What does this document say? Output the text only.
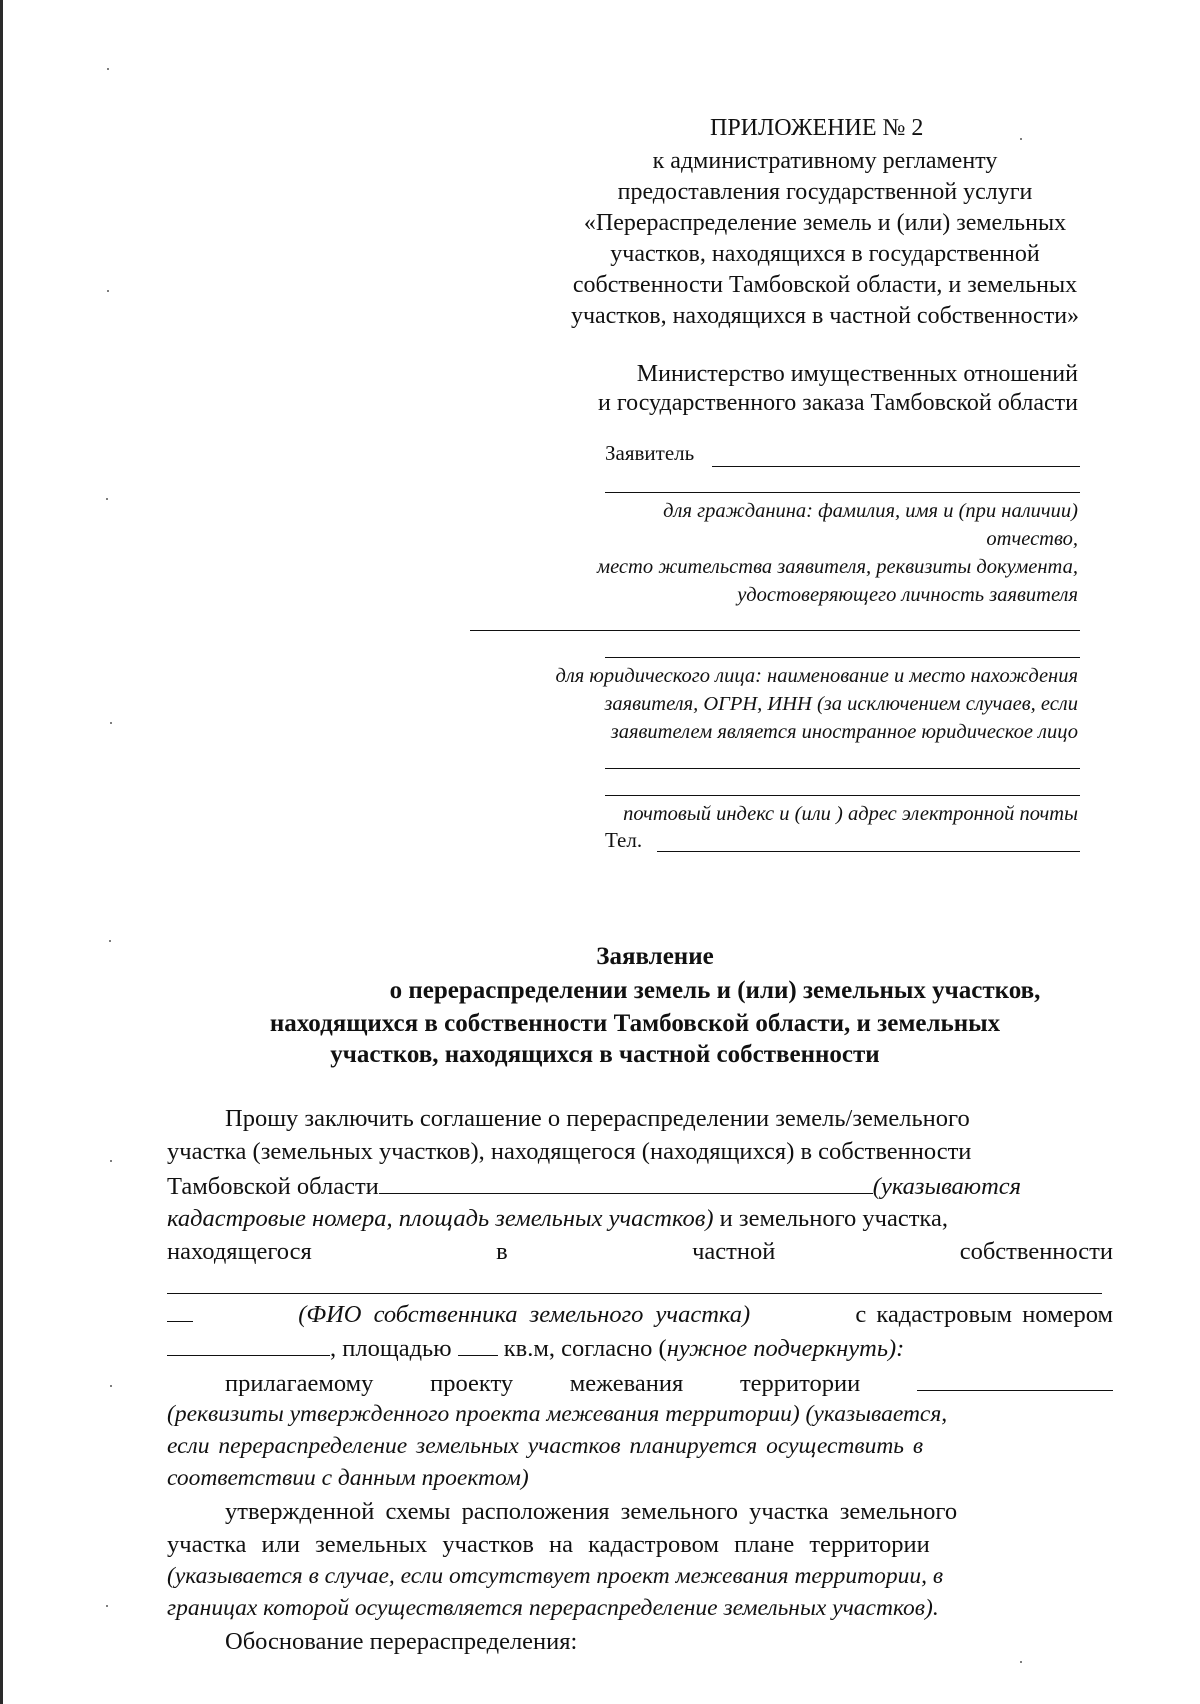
ПРИЛОЖЕНИЕ № 2
к административному регламенту
предоставления государственной услуги
«Перераспределение земель и (или) земельных
участков, находящихся в государственной
собственности Тамбовской области, и земельных
участков, находящихся в частной собственности»
Министерство имущественных отношений
и государственного заказа Тамбовской области
Заявитель
для гражданина: фамилия, имя и (при наличии)
отчество,
место жительства заявителя, реквизиты документа,
удостоверяющего личность заявителя
для юридического лица: наименование и место нахождения
заявителя, ОГРН, ИНН (за исключением случаев, если
заявителем является иностранное юридическое лицо
почтовый индекс и (или ) адрес электронной почты
Тел.
Заявление
о перераспределении земель и (или) земельных участков,
находящихся в собственности Тамбовской области, и земельных
участков, находящихся в частной собственности
Прошу заключить соглашение о перераспределении земель/земельного
участка (земельных участков), находящегося (находящихся) в собственности
Тамбовской области	(указываются
кадастровые номера, площадь земельных участков) и земельного участка,
находящегося	в	частной	собственности
(ФИО собственника земельного участка)	с кадастровым номером
, площадью  кв.м, согласно (нужное подчеркнуть):
прилагаемому проекту межевания территории
(реквизиты утвержденного проекта межевания территории) (указывается,
если перераспределение земельных участков планируется осуществить в
соответствии с данным проектом)
утвержденной схемы расположения земельного участка земельного
участка или земельных участков на кадастровом плане территории
(указывается в случае, если отсутствует проект межевания территории, в
границах которой осуществляется перераспределение земельных участков).
Обоснование перераспределения:
